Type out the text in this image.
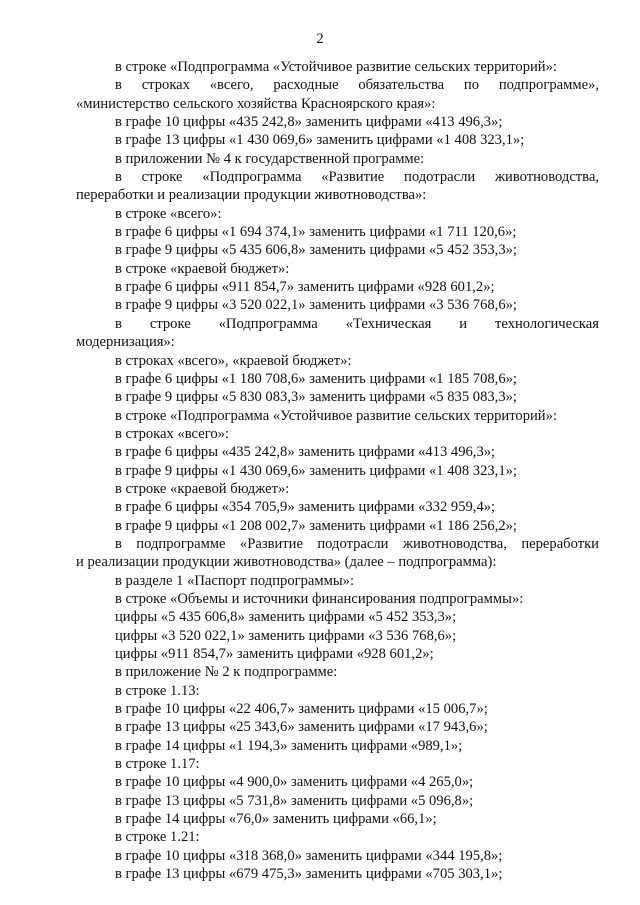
2
в строке «Подпрограмма «Устойчивое развитие сельских территорий»:
в строках «всего, расходные обязательства по подпрограмме»,
«министерство сельского хозяйства Красноярского края»:
в графе 10 цифры «435 242,8» заменить цифрами «413 496,3»;
в графе 13 цифры «1 430 069,6» заменить цифрами «1 408 323,1»;
в приложении № 4 к государственной программе:
в строке «Подпрограмма «Развитие подотрасли животноводства,
переработки и реализации продукции животноводства»:
в строке «всего»:
в графе 6 цифры «1 694 374,1» заменить цифрами «1 711 120,6»;
в графе 9 цифры «5 435 606,8» заменить цифрами «5 452 353,3»;
в строке «краевой бюджет»:
в графе 6 цифры «911 854,7» заменить цифрами «928 601,2»;
в графе 9 цифры «3 520 022,1» заменить цифрами «3 536 768,6»;
в строке «Подпрограмма «Техническая и технологическая
модернизация»:
в строках «всего», «краевой бюджет»:
в графе 6 цифры «1 180 708,6» заменить цифрами «1 185 708,6»;
в графе 9 цифры «5 830 083,3» заменить цифрами «5 835 083,3»;
в строке «Подпрограмма «Устойчивое развитие сельских территорий»:
в строках «всего»:
в графе 6 цифры «435 242,8» заменить цифрами «413 496,3»;
в графе 9 цифры «1 430 069,6» заменить цифрами «1 408 323,1»;
в строке «краевой бюджет»:
в графе 6 цифры «354 705,9» заменить цифрами «332 959,4»;
в графе 9 цифры «1 208 002,7» заменить цифрами «1 186 256,2»;
в подпрограмме «Развитие подотрасли животноводства, переработки
и реализации продукции животноводства» (далее – подпрограмма):
в разделе 1 «Паспорт подпрограммы»:
в строке «Объемы и источники финансирования подпрограммы»:
цифры «5 435 606,8» заменить цифрами «5 452 353,3»;
цифры «3 520 022,1» заменить цифрами «3 536 768,6»;
цифры «911 854,7» заменить цифрами «928 601,2»;
в приложение № 2 к подпрограмме:
в строке 1.13:
в графе 10 цифры «22 406,7» заменить цифрами «15 006,7»;
в графе 13 цифры «25 343,6» заменить цифрами «17 943,6»;
в графе 14 цифры «1 194,3» заменить цифрами «989,1»;
в строке 1.17:
в графе 10 цифры «4 900,0» заменить цифрами «4 265,0»;
в графе 13 цифры «5 731,8» заменить цифрами «5 096,8»;
в графе 14 цифры «76,0» заменить цифрами «66,1»;
в строке 1.21:
в графе 10 цифры «318 368,0» заменить цифрами «344 195,8»;
в графе 13 цифры «679 475,3» заменить цифрами «705 303,1»;
